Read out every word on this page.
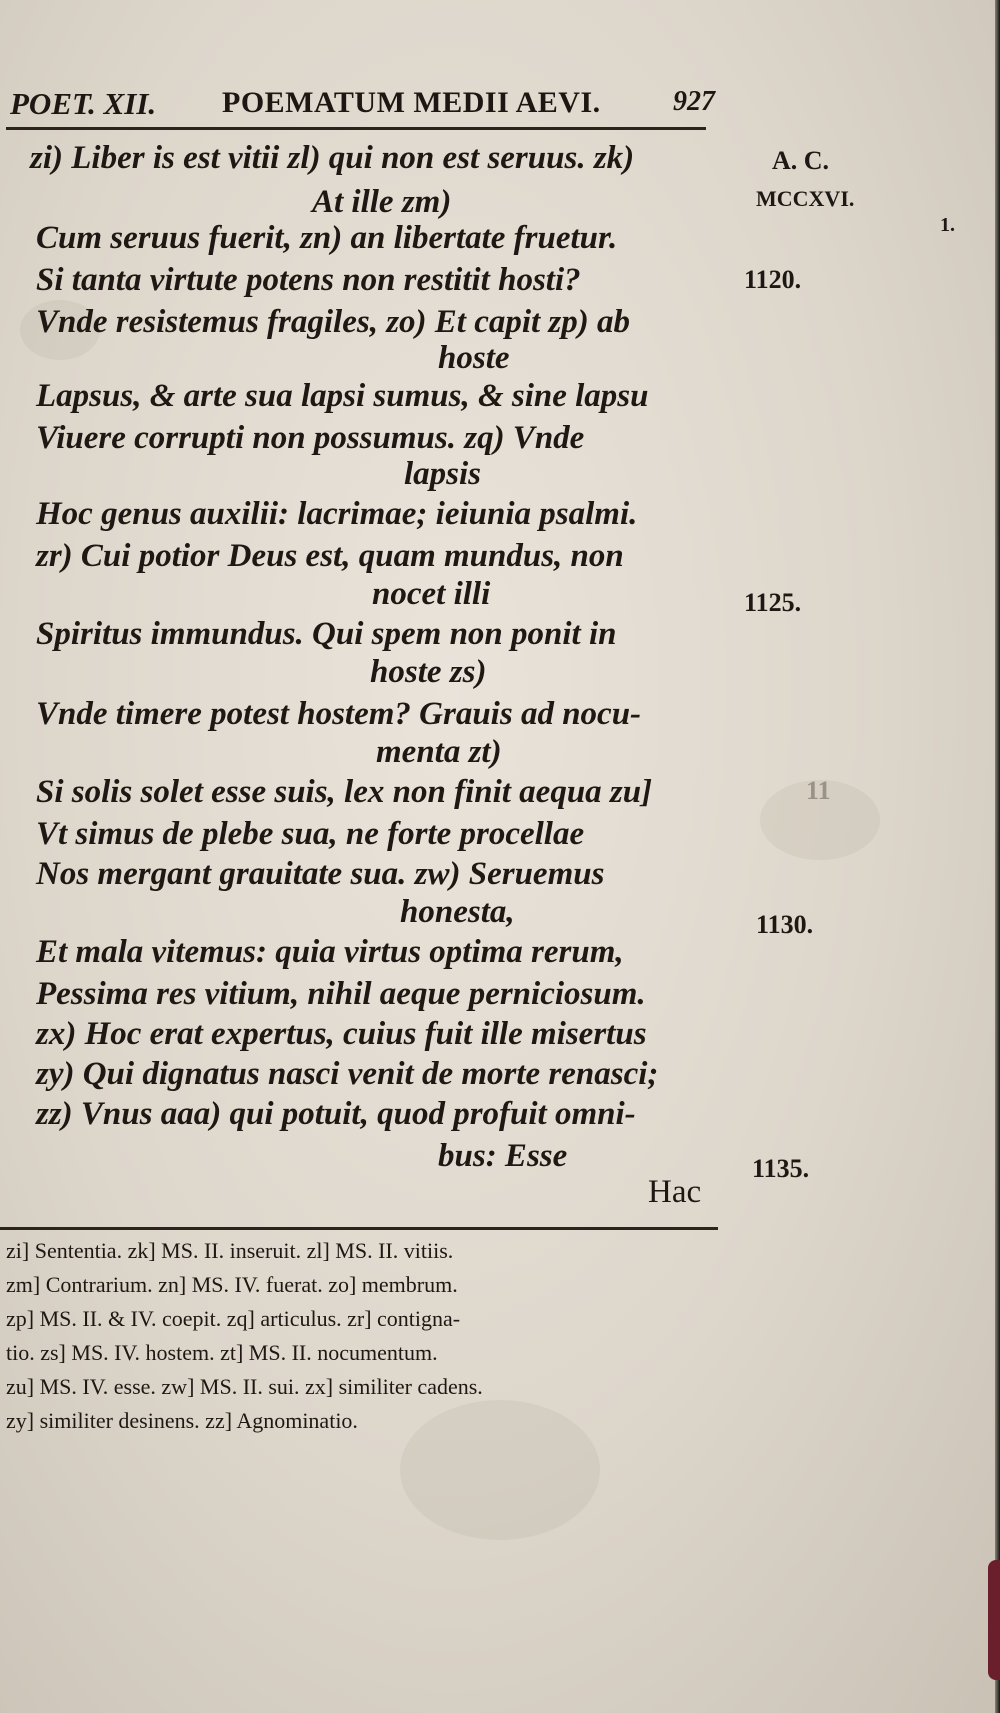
POET. XII. POEMATUM MEDII AEVI.	927
A. C.
MCCXVI.
1.
1120.
1125.
11
1130.
1135.
zi) Liber is est vitii zl) qui non est seruus. zk)
At ille zm)
Cum seruus fuerit, zn) an libertate fruetur.
Si tanta virtute potens non restitit hosti?
Vnde resistemus fragiles, zo) Et capit zp) ab
hoste
Lapsus, & arte sua lapsi sumus, & sine lapsu
Viuere corrupti non possumus. zq) Vnde
lapsis
Hoc genus auxilii: lacrimae; ieiunia psalmi.
zr) Cui potior Deus est, quam mundus, non
nocet illi
Spiritus immundus. Qui spem non ponit in
hoste zs)
Vnde timere potest hostem? Grauis ad nocu-
menta zt)
Si solis solet esse suis, lex non finit aequa zu]
Vt simus de plebe sua, ne forte procellae
Nos mergant grauitate sua. zw) Seruemus
honesta,
Et mala vitemus: quia virtus optima rerum,
Pessima res vitium, nihil aeque perniciosum.
zx) Hoc erat expertus, cuius fuit ille misertus
zy) Qui dignatus nasci venit de morte renasci;
zz) Vnus aaa) qui potuit, quod profuit omni-
bus: Esse
Hac
zi] Sententia. zk] MS. II. inseruit. zl] MS. II. vitiis.
zm] Contrarium. zn] MS. IV. fuerat. zo] membrum.
zp] MS. II. & IV. coepit. zq] articulus. zr] contigna-
tio. zs] MS. IV. hostem. zt] MS. II. nocumentum.
zu] MS. IV. esse. zw] MS. II. sui. zx] similiter cadens.
zy] similiter desinens. zz] Agnominatio.
